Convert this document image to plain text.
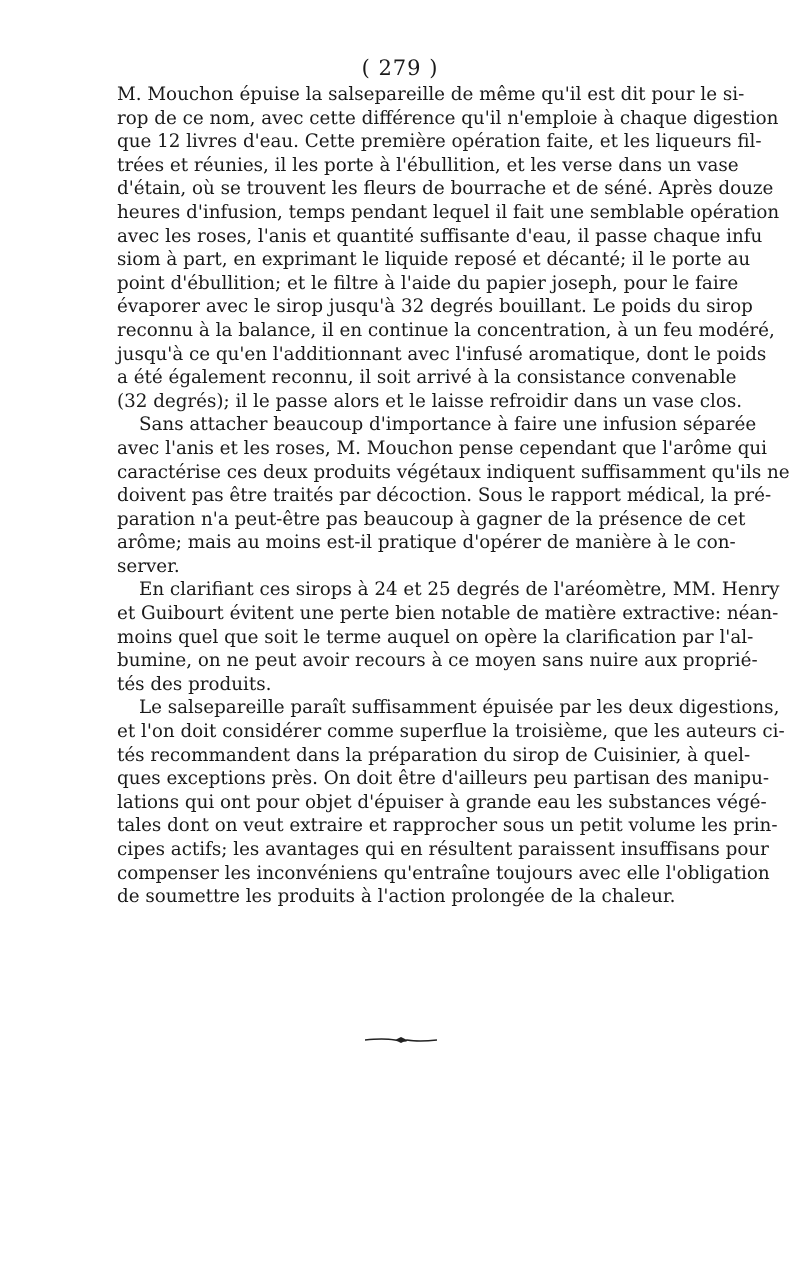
( 279 )

M. Mouchon épuise la salsepareille de même qu'il est dit pour le si-
rop de ce nom, avec cette différence qu'il n'emploie à chaque digestion
que 12 livres d'eau. Cette première opération faite, et les liqueurs fil-
trées et réunies, il les porte à l'ébullition, et les verse dans un vase
d'étain, où se trouvent les fleurs de bourrache et de séné. Après douze
heures d'infusion, temps pendant lequel il fait une semblable opération
avec les roses, l'anis et quantité suffisante d'eau, il passe chaque infu
siom à part, en exprimant le liquide reposé et décanté; il le porte au
point d'ébullition; et le filtre à l'aide du papier joseph, pour le faire
évaporer avec le sirop jusqu'à 32 degrés bouillant. Le poids du sirop
reconnu à la balance, il en continue la concentration, à un feu modéré,
jusqu'à ce qu'en l'additionnant avec l'infusé aromatique, dont le poids
a été également reconnu, il soit arrivé à la consistance convenable
(32 degrés); il le passe alors et le laisse refroidir dans un vase clos.

Sans attacher beaucoup d'importance à faire une infusion séparée
avec l'anis et les roses, M. Mouchon pense cependant que l'arôme qui
caractérise ces deux produits végétaux indiquent suffisamment qu'ils ne
doivent pas être traités par décoction. Sous le rapport médical, la pré-
paration n'a peut-être pas beaucoup à gagner de la présence de cet
arôme; mais au moins est-il pratique d'opérer de manière à le con-
server.

En clarifiant ces sirops à 24 et 25 degrés de l'aréomètre, MM. Henry
et Guibourt évitent une perte bien notable de matière extractive: néan-
moins quel que soit le terme auquel on opère la clarification par l'al-
bumine, on ne peut avoir recours à ce moyen sans nuire aux proprié-
tés des produits.

Le salsepareille paraît suffisamment épuisée par les deux digestions,
et l'on doit considérer comme superflue la troisième, que les auteurs ci-
tés recommandent dans la préparation du sirop de Cuisinier, à quel-
ques exceptions près. On doit être d'ailleurs peu partisan des manipu-
lations qui ont pour objet d'épuiser à grande eau les substances végé-
tales dont on veut extraire et rapprocher sous un petit volume les prin-
cipes actifs; les avantages qui en résultent paraissent insuffisans pour
compenser les inconvéniens qu'entraîne toujours avec elle l'obligation
de soumettre les produits à l'action prolongée de la chaleur.
